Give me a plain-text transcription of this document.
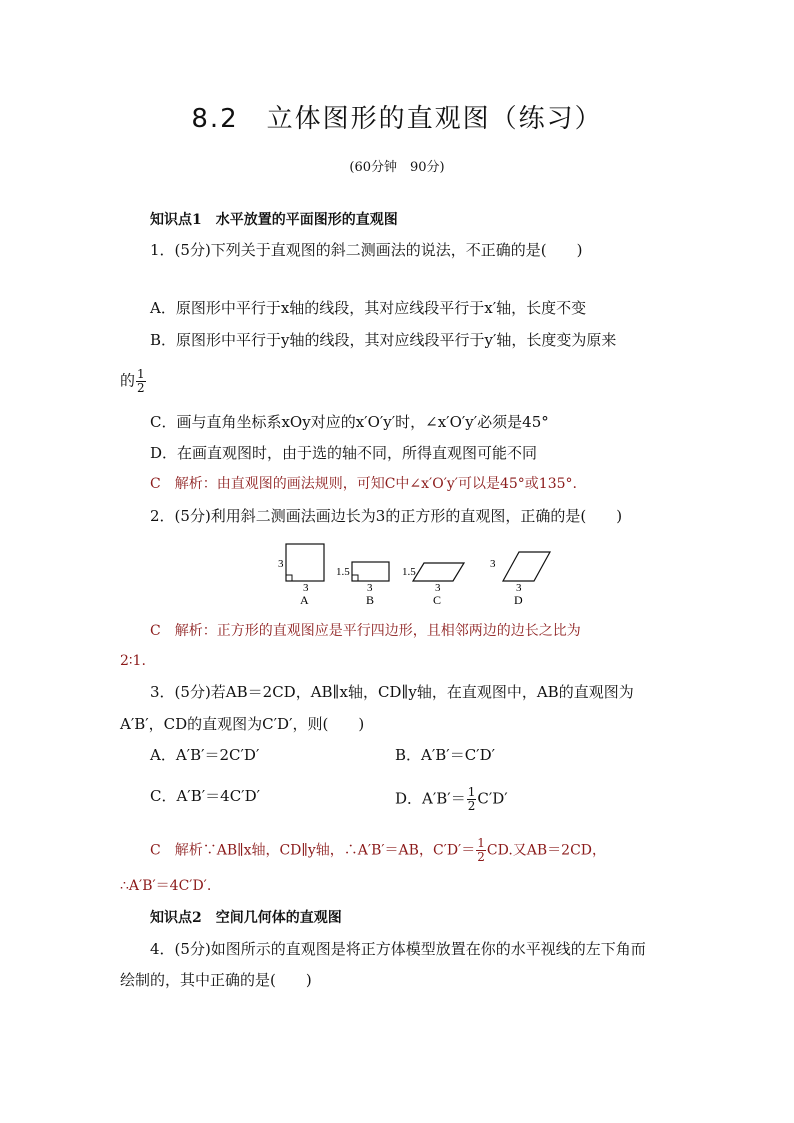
8.2　立体图形的直观图（练习）
(60分钟　90分)
知识点1　水平放置的平面图形的直观图
1．(5分)下列关于直观图的斜二测画法的说法，不正确的是(　　)
A．原图形中平行于x轴的线段，其对应线段平行于x′轴，长度不变
B．原图形中平行于y轴的线段，其对应线段平行于y′轴，长度变为原来
的 $\frac{1}{2}$
C．画与直角坐标系xOy对应的x′O′y′时，∠x′O′y′必须是45°
D．在画直观图时，由于选的轴不同，所得直观图可能不同
C　解析：由直观图的画法规则，可知C中∠x′O′y′可以是45°或135°.
2．(5分)利用斜二测画法画边长为3的正方形的直观图，正确的是(　　)
3
3
A
1.5
3
B
1.5
3
C
3
3
D
C　解析：正方形的直观图应是平行四边形，且相邻两边的边长之比为
2∶1.
3．(5分)若AB＝2CD，AB∥x轴，CD∥y轴，在直观图中，AB的直观图为
A′B′，CD的直观图为C′D′，则(　　)
A．A′B′＝2C′D′	B．A′B′＝C′D′
C．A′B′＝4C′D′	D．$A'B'= \frac{1}{2} C'D'$
C　解析∵AB∥x轴，CD∥y轴，∴A′B′＝AB，$C'D'= \frac{1}{2}$ CD.又AB＝2CD，
∴A′B′＝4C′D′.
知识点2　空间几何体的直观图
4．(5分)如图所示的直观图是将正方体模型放置在你的水平视线的左下角而
绘制的，其中正确的是(　　)
